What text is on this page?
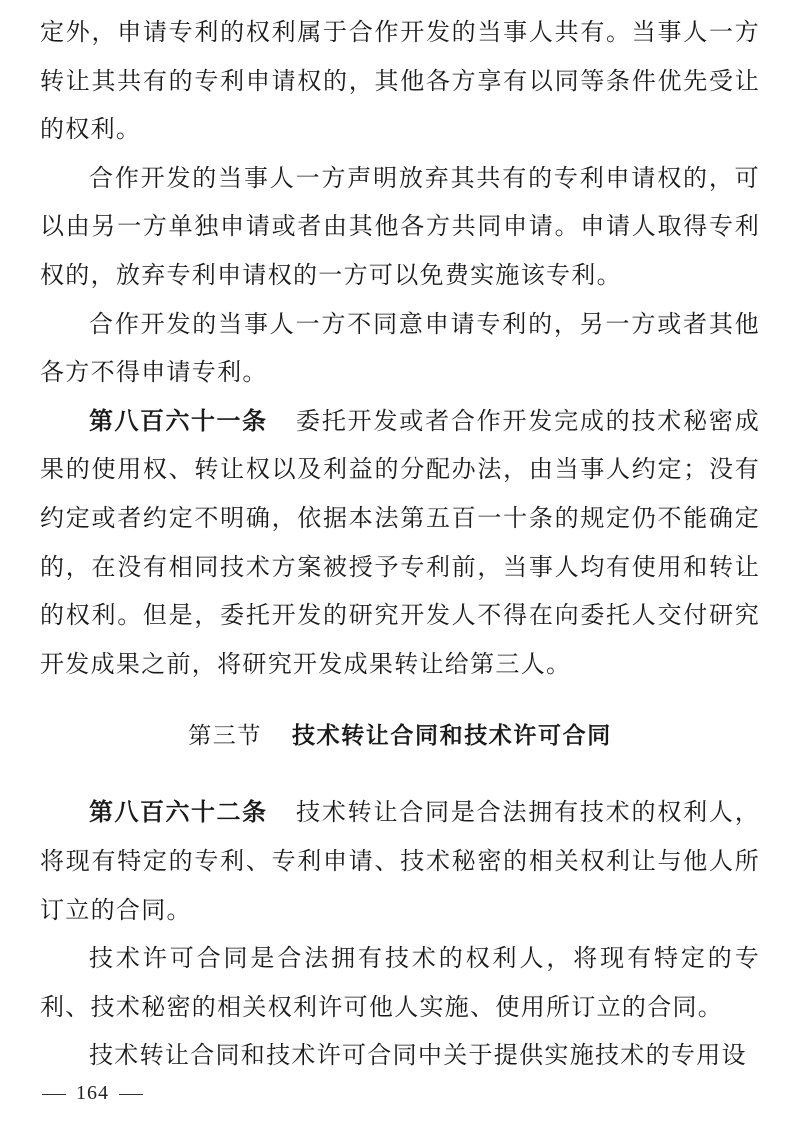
定外，申请专利的权利属于合作开发的当事人共有。当事人一方转让其共有的专利申请权的，其他各方享有以同等条件优先受让的权利。

合作开发的当事人一方声明放弃其共有的专利申请权的，可以由另一方单独申请或者由其他各方共同申请。申请人取得专利权的，放弃专利申请权的一方可以免费实施该专利。

合作开发的当事人一方不同意申请专利的，另一方或者其他各方不得申请专利。

第八百六十一条 委托开发或者合作开发完成的技术秘密成果的使用权、转让权以及利益的分配办法，由当事人约定；没有约定或者约定不明确，依据本法第五百一十条的规定仍不能确定的，在没有相同技术方案被授予专利前，当事人均有使用和转让的权利。但是，委托开发的研究开发人不得在向委托人交付研究开发成果之前，将研究开发成果转让给第三人。

第三节 技术转让合同和技术许可合同

第八百六十二条 技术转让合同是合法拥有技术的权利人，将现有特定的专利、专利申请、技术秘密的相关权利让与他人所订立的合同。

技术许可合同是合法拥有技术的权利人，将现有特定的专利、技术秘密的相关权利许可他人实施、使用所订立的合同。

技术转让合同和技术许可合同中关于提供实施技术的专用设

164
